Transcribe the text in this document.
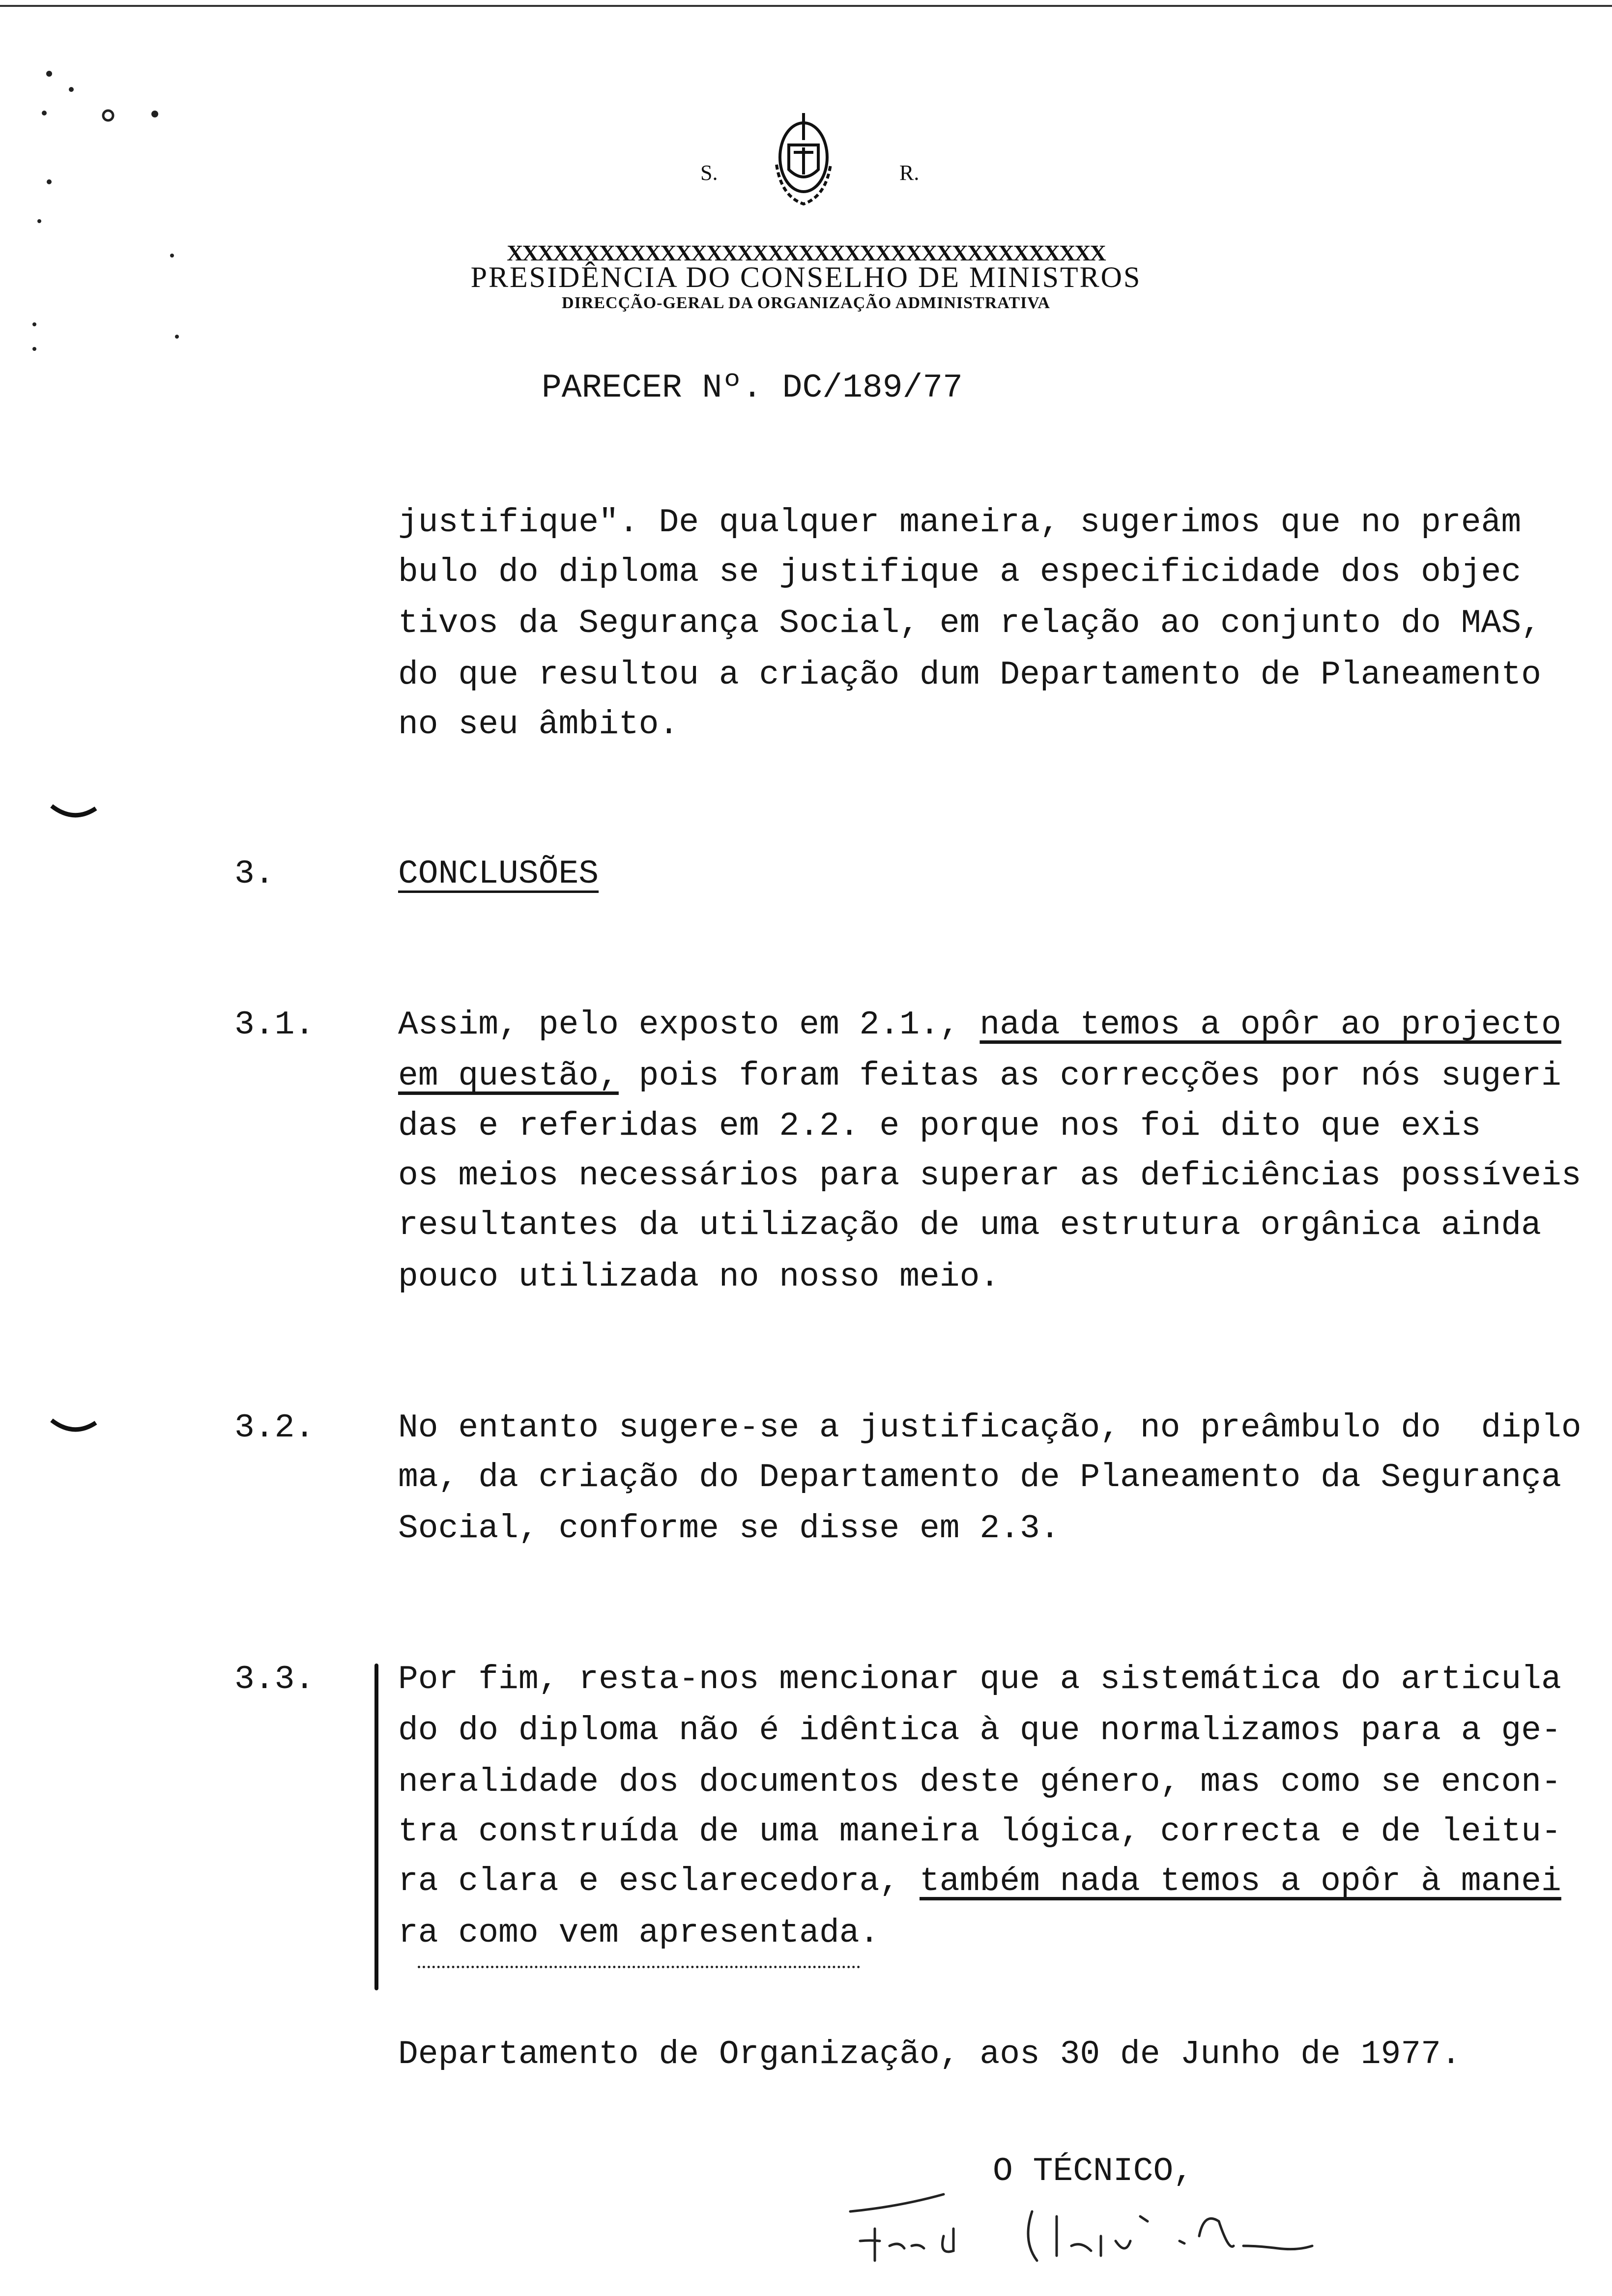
S.	R.
XXXXXXXXXXXXXXXXXXXXXXXXXXXXXXXXXXXXXXX
PRESIDÊNCIA DO CONSELHO DE MINISTROS
DIRECÇÃO-GERAL DA ORGANIZAÇÃO ADMINISTRATIVA
PARECER Nº. DC/189/77
justifique". De qualquer maneira, sugerimos que no preâm
bulo do diploma se justifique a especificidade dos objec
tivos da Segurança Social, em relação ao conjunto do MAS,
do que resultou a criação dum Departamento de Planeamento
no seu âmbito.
3.	CONCLUSÕES
3.1. Assim, pelo exposto em 2.1., nada temos a opôr ao projecto
em questão, pois foram feitas as correcções por nós sugeri
das e referidas em 2.2. e porque nos foi dito que exis
os meios necessários para superar as deficiências possíveis
resultantes da utilização de uma estrutura orgânica ainda
pouco utilizada no nosso meio.
3.2. No entanto sugere-se a justificação, no preâmbulo do  diplo
ma, da criação do Departamento de Planeamento da Segurança
Social, conforme se disse em 2.3.
3.3. Por fim, resta-nos mencionar que a sistemática do articula
do do diploma não é idêntica à que normalizamos para a ge-
neralidade dos documentos deste género, mas como se encon-
tra construída de uma maneira lógica, correcta e de leitu-
ra clara e esclarecedora, também nada temos a opôr à manei
ra como vem apresentada.
Departamento de Organização, aos 30 de Junho de 1977.
O TÉCNICO,
